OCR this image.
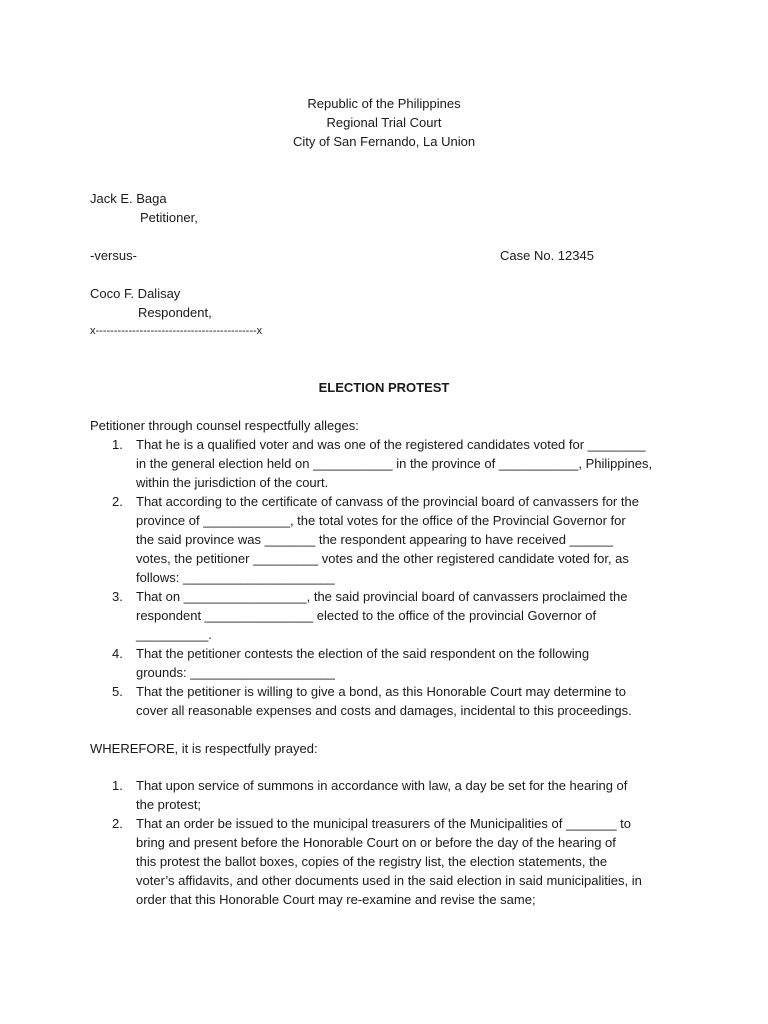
Republic of the Philippines
Regional Trial Court
City of San Fernando, La Union
Jack E. Baga
Petitioner,
-versus-	Case No. 12345
Coco F. Dalisay
Respondent,
x--------------------------------------------x
ELECTION PROTEST
Petitioner through counsel respectfully alleges:
1. That he is a qualified voter and was one of the registered candidates voted for ________
in the general election held on ___________ in the province of ___________, Philippines,
within the jurisdiction of the court.
2. That according to the certificate of canvass of the provincial board of canvassers for the
province of ____________, the total votes for the office of the Provincial Governor for
the said province was _______ the respondent appearing to have received ______
votes, the petitioner _________ votes and the other registered candidate voted for, as
follows: _____________________
3. That on _________________, the said provincial board of canvassers proclaimed the
respondent _______________ elected to the office of the provincial Governor of
__________.
4. That the petitioner contests the election of the said respondent on the following
grounds: ____________________
5. That the petitioner is willing to give a bond, as this Honorable Court may determine to
cover all reasonable expenses and costs and damages, incidental to this proceedings.
WHEREFORE, it is respectfully prayed:
1. That upon service of summons in accordance with law, a day be set for the hearing of
the protest;
2. That an order be issued to the municipal treasurers of the Municipalities of _______ to
bring and present before the Honorable Court on or before the day of the hearing of
this protest the ballot boxes, copies of the registry list, the election statements, the
voter’s affidavits, and other documents used in the said election in said municipalities, in
order that this Honorable Court may re-examine and revise the same;
